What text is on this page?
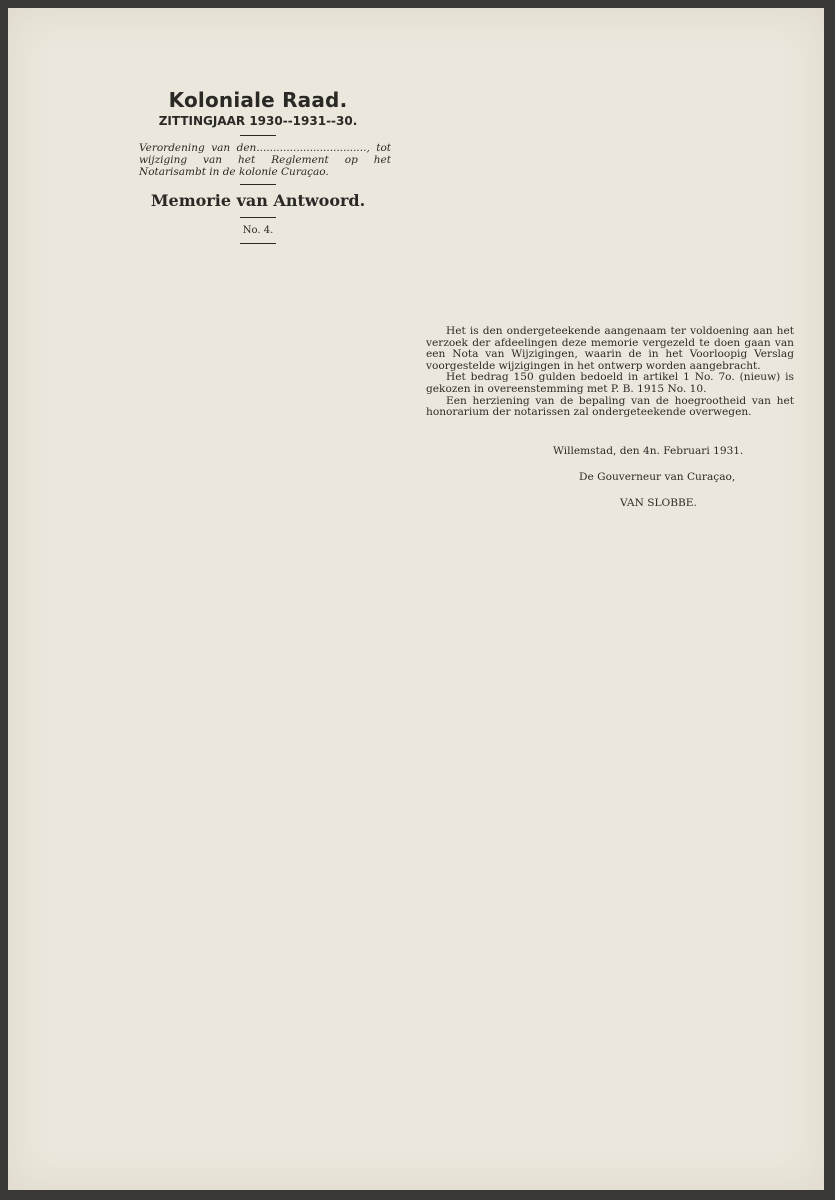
Koloniale Raad.
ZITTINGJAAR 1930--1931--30.
Verordening van den................................., tot wijziging van het Reglement op het Notarisambt in de kolonie Curaçao.
Memorie van Antwoord.
No. 4.

Het is den ondergeteekende aangenaam ter voldoening aan het verzoek der afdeelingen deze memorie vergezeld te doen gaan van een Nota van Wijzigingen, waarin de in het Voorloopig Verslag voorgestelde wijzigingen in het ontwerp worden aangebracht.

Het bedrag 150 gulden bedoeld in artikel 1 No. 7o. (nieuw) is gekozen in overeenstemming met P. B. 1915 No. 10.

Een herziening van de bepaling van de hoegrootheid van het honorarium der notarissen zal ondergeteekende overwegen.

Willemstad, den 4n. Februari 1931.
De Gouverneur van Curaçao,
VAN SLOBBE.
